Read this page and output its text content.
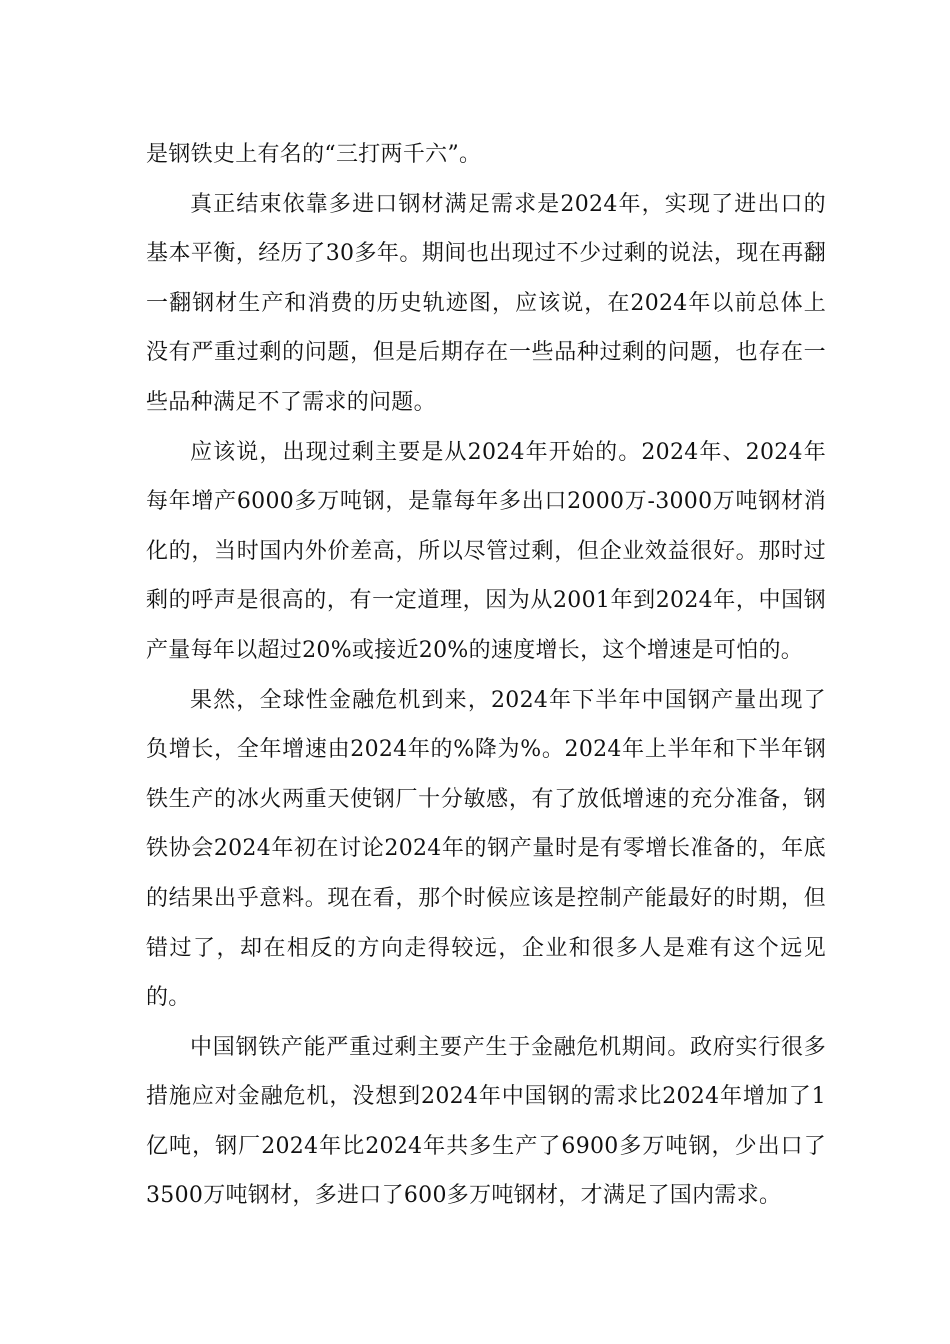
是钢铁史上有名的“三打两千六”。

真正结束依靠多进口钢材满足需求是2024年，实现了进出口的基本平衡，经历了30多年。期间也出现过不少过剩的说法，现在再翻一翻钢材生产和消费的历史轨迹图，应该说，在2024年以前总体上没有严重过剩的问题，但是后期存在一些品种过剩的问题，也存在一些品种满足不了需求的问题。

应该说，出现过剩主要是从2024年开始的。2024年、2024年每年增产6000多万吨钢，是靠每年多出口2000万-3000万吨钢材消化的，当时国内外价差高，所以尽管过剩，但企业效益很好。那时过剩的呼声是很高的，有一定道理，因为从2001年到2024年，中国钢产量每年以超过20%或接近20%的速度增长，这个增速是可怕的。

果然，全球性金融危机到来，2024年下半年中国钢产量出现了负增长，全年增速由2024年的%降为%。2024年上半年和下半年钢铁生产的冰火两重天使钢厂十分敏感，有了放低增速的充分准备，钢铁协会2024年初在讨论2024年的钢产量时是有零增长准备的，年底的结果出乎意料。现在看，那个时候应该是控制产能最好的时期，但错过了，却在相反的方向走得较远，企业和很多人是难有这个远见的。

中国钢铁产能严重过剩主要产生于金融危机期间。政府实行很多措施应对金融危机，没想到2024年中国钢的需求比2024年增加了1亿吨，钢厂2024年比2024年共多生产了6900多万吨钢，少出口了3500万吨钢材，多进口了600多万吨钢材，才满足了国内需求。
